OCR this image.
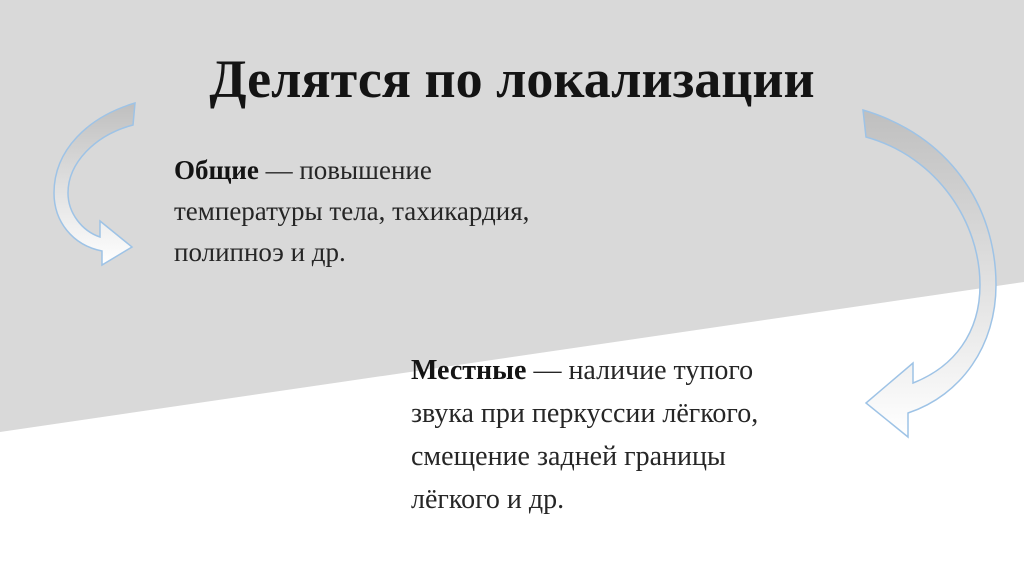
Делятся по локализации

Общие — повышение

температуры тела, тахикардия,

полипноэ и др.

Местные — наличие тупого

звука при перкуссии лёгкого,

смещение задней границы

лёгкого и др.
